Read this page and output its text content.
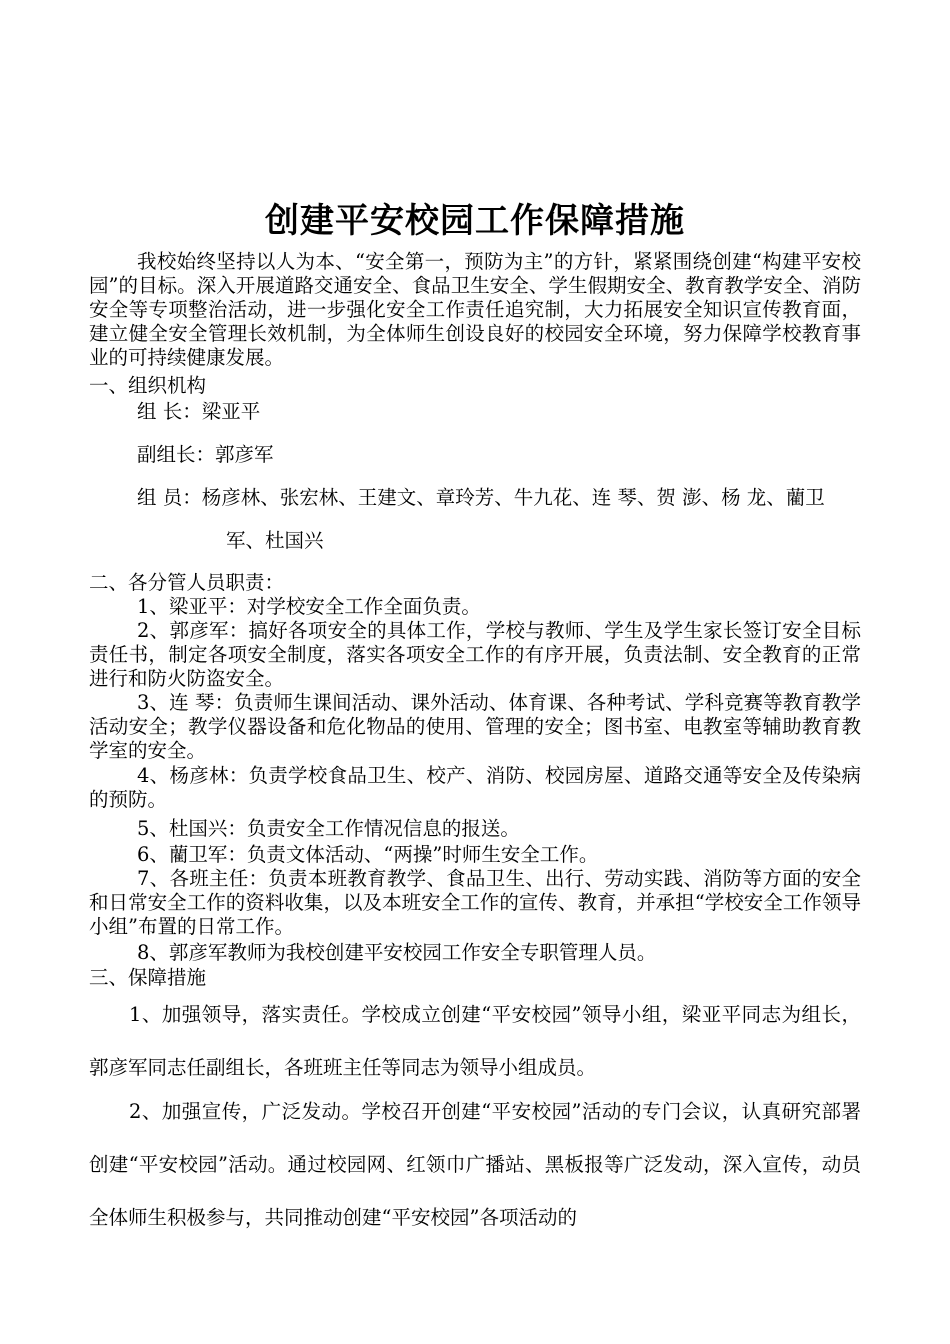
创建平安校园工作保障措施

我校始终坚持以人为本、“安全第一，预防为主”的方针，紧紧围绕创建“构建平安校园”的目标。深入开展道路交通安全、食品卫生安全、学生假期安全、教育教学安全、消防安全等专项整治活动，进一步强化安全工作责任追究制，大力拓展安全知识宣传教育面，建立健全安全管理长效机制，为全体师生创设良好的校园安全环境，努力保障学校教育事业的可持续健康发展。

一、组织机构

组 长：梁亚平
副组长：郭彦军
组 员：杨彦林、张宏林、王建文、章玲芳、牛九花、连 琴、贺 澎、杨 龙、藺卫
军、杜国兴

二、各分管人员职责：

1、梁亚平：对学校安全工作全面负责。

2、郭彦军：搞好各项安全的具体工作，学校与教师、学生及学生家长签订安全目标责任书，制定各项安全制度，落实各项安全工作的有序开展，负责法制、安全教育的正常进行和防火防盗安全。

3、连 琴：负责师生课间活动、课外活动、体育课、各种考试、学科竞赛等教育教学活动安全；教学仪器设备和危化物品的使用、管理的安全；图书室、电教室等辅助教育教学室的安全。

4、杨彦林：负责学校食品卫生、校产、消防、校园房屋、道路交通等安全及传染病的预防。

5、杜国兴：负责安全工作情况信息的报送。

6、藺卫军：负责文体活动、“两操”时师生安全工作。

7、各班主任：负责本班教育教学、食品卫生、出行、劳动实践、消防等方面的安全和日常安全工作的资料收集，以及本班安全工作的宣传、教育，并承担“学校安全工作领导小组”布置的日常工作。

8、郭彦军教师为我校创建平安校园工作安全专职管理人员。

三、保障措施

1、加强领导，落实责任。学校成立创建“平安校园”领导小组，梁亚平同志为组长，郭彦军同志任副组长，各班班主任等同志为领导小组成员。

2、加强宣传，广泛发动。学校召开创建“平安校园”活动的专门会议，认真研究部署创建“平安校园”活动。通过校园网、红领巾广播站、黑板报等广泛发动，深入宣传，动员全体师生积极参与，共同推动创建“平安校园”各项活动的
